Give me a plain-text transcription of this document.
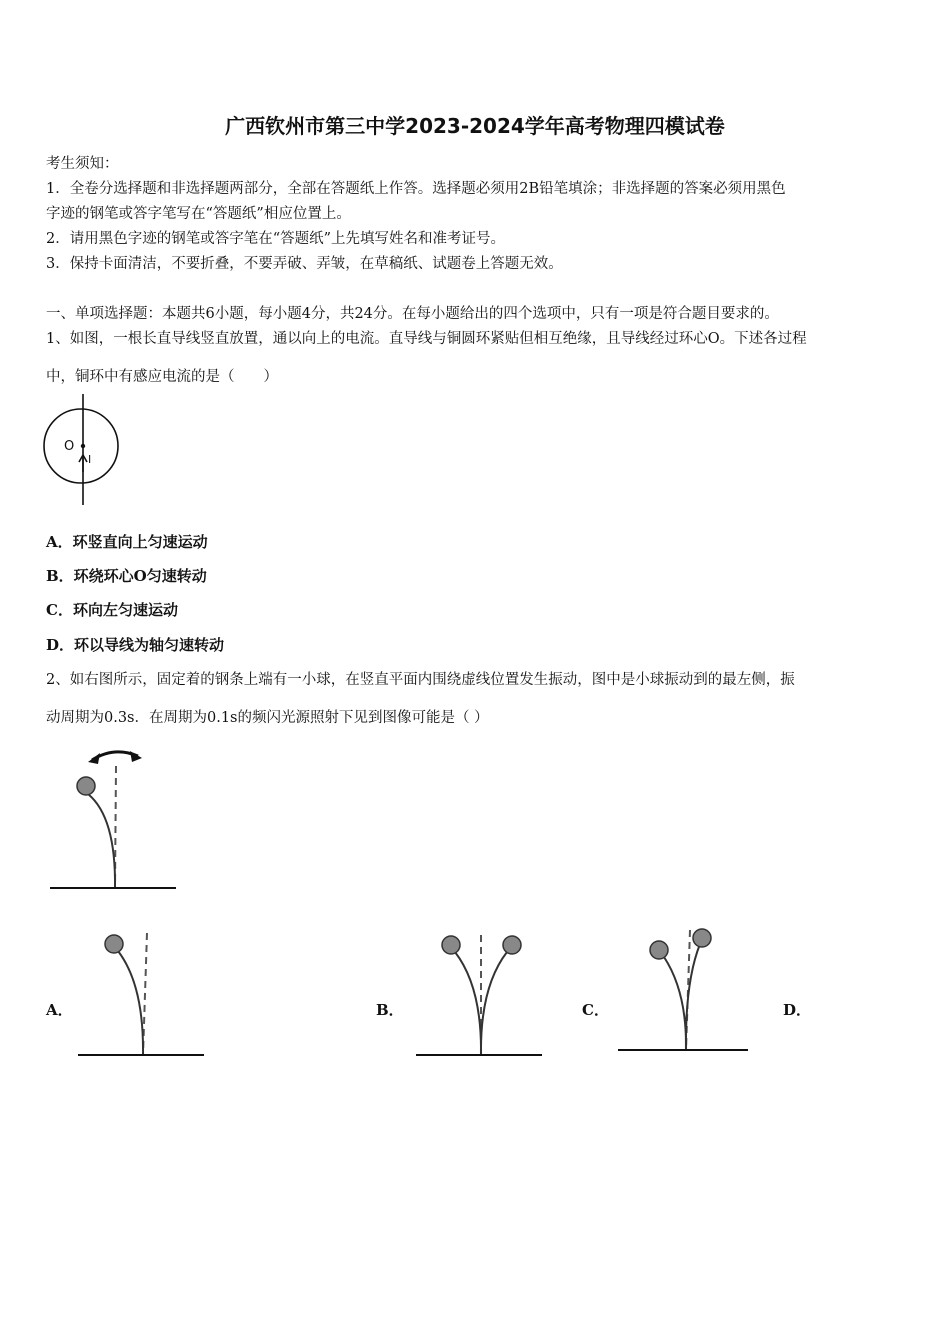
广西钦州市第三中学2023-2024学年高考物理四模试卷
考生须知：
1．全卷分选择题和非选择题两部分，全部在答题纸上作答。选择题必须用2B铅笔填涂；非选择题的答案必须用黑色
字迹的钢笔或答字笔写在“答题纸”相应位置上。
2．请用黑色字迹的钢笔或答字笔在“答题纸”上先填写姓名和准考证号。
3．保持卡面清洁，不要折叠，不要弄破、弄皱，在草稿纸、试题卷上答题无效。
一、单项选择题：本题共6小题，每小题4分，共24分。在每小题给出的四个选项中，只有一项是符合题目要求的。
1、如图，一根长直导线竖直放置，通以向上的电流。直导线与铜圆环紧贴但相互绝缘，且导线经过环心O。下述各过程
中，铜环中有感应电流的是（　　）
O
I
A．环竖直向上匀速运动
B．环绕环心O匀速转动
C．环向左匀速运动
D．环以导线为轴匀速转动
2、如右图所示，固定着的钢条上端有一小球，在竖直平面内围绕虚线位置发生振动，图中是小球振动到的最左侧，振
动周期为0.3s．在周期为0.1s的频闪光源照射下见到图像可能是（ ）
A．	B．	C．	D．
